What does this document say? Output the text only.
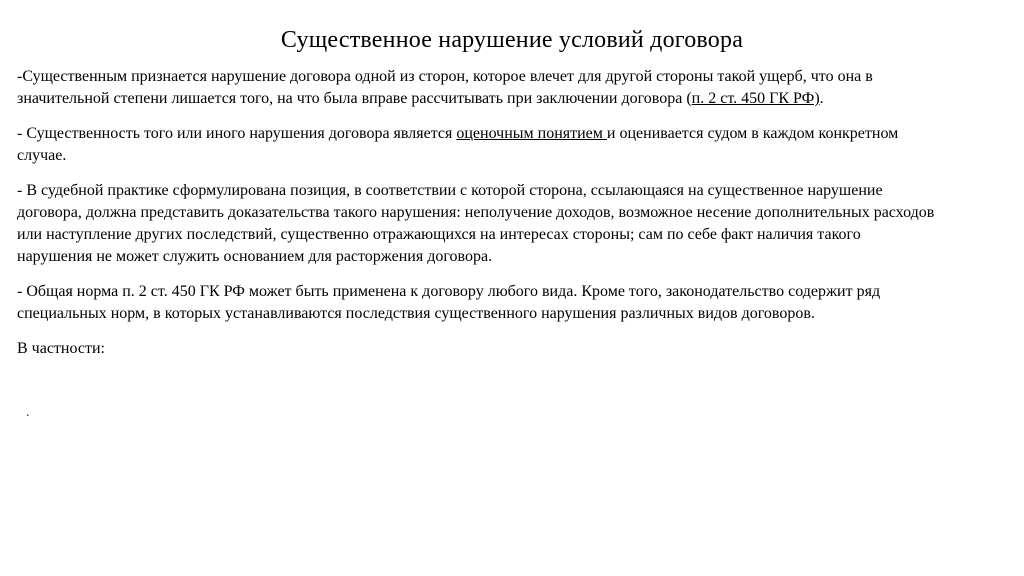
Существенное нарушение условий договора
-Существенным признается нарушение договора одной из сторон, которое влечет для другой стороны такой ущерб, что она в значительной степени лишается того, на что была вправе рассчитывать при заключении договора (п. 2 ст. 450 ГК РФ).
- Существенность того или иного нарушения договора является оценочным понятием и оценивается судом в каждом конкретном случае.
- В судебной практике сформулирована позиция, в соответствии с которой сторона, ссылающаяся на существенное нарушение договора, должна представить доказательства такого нарушения: неполучение доходов, возможное несение дополнительных расходов или наступление других последствий, существенно отражающихся на интересах стороны; сам по себе факт наличия такого нарушения не может служить основанием для расторжения договора.
- Общая норма п. 2 ст. 450 ГК РФ может быть применена к договору любого вида. Кроме того, законодательство содержит ряд специальных норм, в которых устанавливаются последствия существенного нарушения различных видов договоров.
В частности:
.
